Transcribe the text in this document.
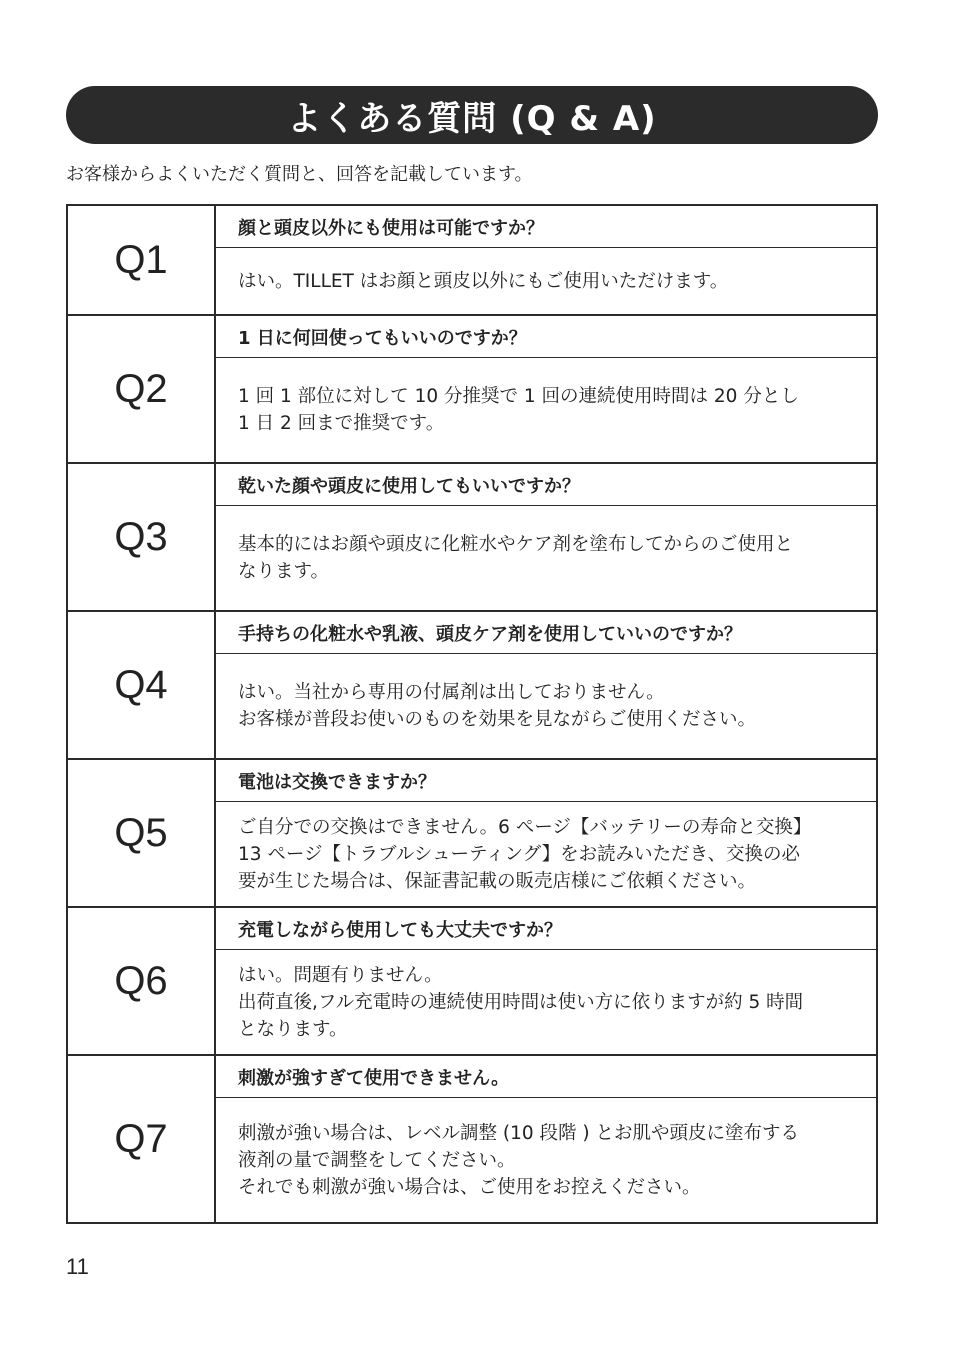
よくある質問 (Q & A)
お客様からよくいただく質問と、回答を記載しています。
Q1
顔と頭皮以外にも使用は可能ですか？
はい。TILLET はお顔と頭皮以外にもご使用いただけます。
Q2
1 日に何回使ってもいいのですか？
1 回 1 部位に対して 10 分推奨で 1 回の連続使用時間は 20 分とし
1 日 2 回まで推奨です。
Q3
乾いた顔や頭皮に使用してもいいですか？
基本的にはお顔や頭皮に化粧水やケア剤を塗布してからのご使用と
なります。
Q4
手持ちの化粧水や乳液、頭皮ケア剤を使用していいのですか？
はい。当社から専用の付属剤は出しておりません。
お客様が普段お使いのものを効果を見ながらご使用ください。
Q5
電池は交換できますか？
ご自分での交換はできません。6 ページ【バッテリーの寿命と交換】
13 ページ【トラブルシューティング】をお読みいただき、交換の必
要が生じた場合は、保証書記載の販売店様にご依頼ください。
Q6
充電しながら使用しても大丈夫ですか？
はい。問題有りません。
出荷直後,フル充電時の連続使用時間は使い方に依りますが約 5 時間
となります。
Q7
刺激が強すぎて使用できません。
刺激が強い場合は、レベル調整 (10 段階 ) とお肌や頭皮に塗布する
液剤の量で調整をしてください。
それでも刺激が強い場合は、ご使用をお控えください。
11
